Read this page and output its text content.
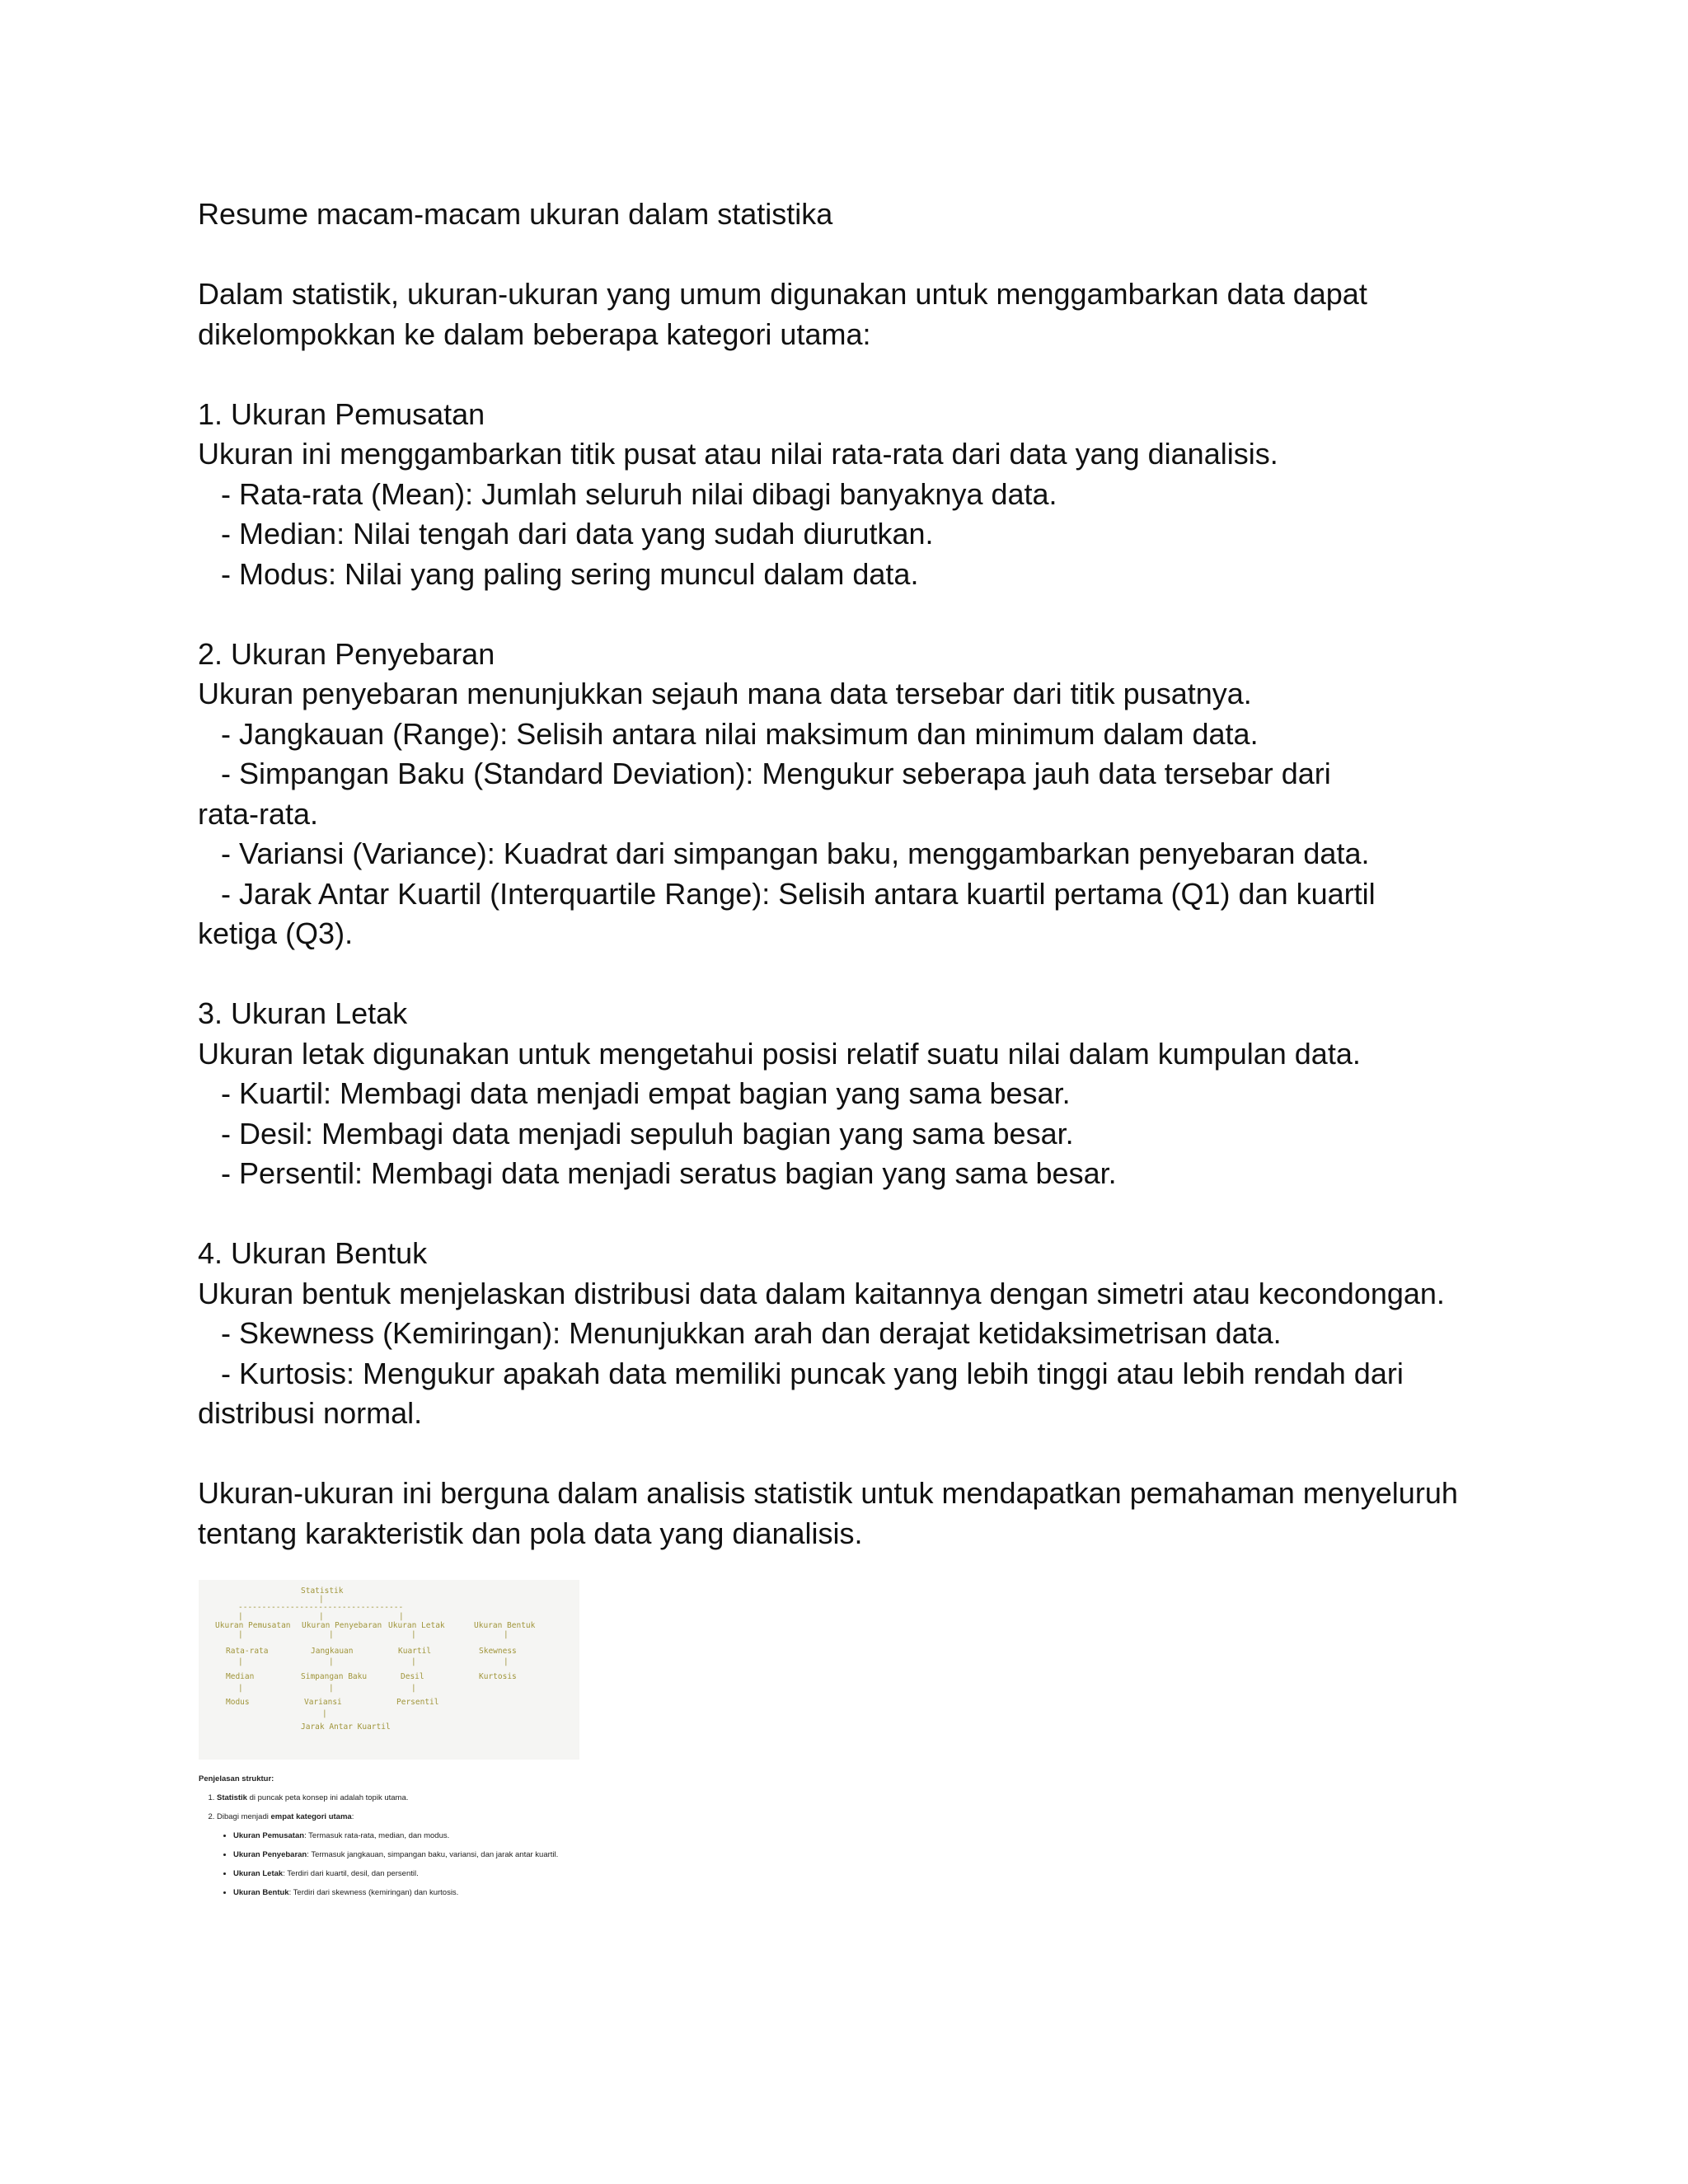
Resume macam-macam ukuran dalam statistika
Dalam statistik, ukuran-ukuran yang umum digunakan untuk menggambarkan data dapat
dikelompokkan ke dalam beberapa kategori utama:
1. Ukuran Pemusatan
Ukuran ini menggambarkan titik pusat atau nilai rata-rata dari data yang dianalisis.
- Rata-rata (Mean): Jumlah seluruh nilai dibagi banyaknya data.
- Median: Nilai tengah dari data yang sudah diurutkan.
- Modus: Nilai yang paling sering muncul dalam data.
2. Ukuran Penyebaran
Ukuran penyebaran menunjukkan sejauh mana data tersebar dari titik pusatnya.
- Jangkauan (Range): Selisih antara nilai maksimum dan minimum dalam data.
- Simpangan Baku (Standard Deviation): Mengukur seberapa jauh data tersebar dari
rata-rata.
- Variansi (Variance): Kuadrat dari simpangan baku, menggambarkan penyebaran data.
- Jarak Antar Kuartil (Interquartile Range): Selisih antara kuartil pertama (Q1) dan kuartil
ketiga (Q3).
3. Ukuran Letak
Ukuran letak digunakan untuk mengetahui posisi relatif suatu nilai dalam kumpulan data.
- Kuartil: Membagi data menjadi empat bagian yang sama besar.
- Desil: Membagi data menjadi sepuluh bagian yang sama besar.
- Persentil: Membagi data menjadi seratus bagian yang sama besar.
4. Ukuran Bentuk
Ukuran bentuk menjelaskan distribusi data dalam kaitannya dengan simetri atau kecondongan.
- Skewness (Kemiringan): Menunjukkan arah dan derajat ketidaksimetrisan data.
- Kurtosis: Mengukur apakah data memiliki puncak yang lebih tinggi atau lebih rendah dari
distribusi normal.
Ukuran-ukuran ini berguna dalam analisis statistik untuk mendapatkan pemahaman menyeluruh
tentang karakteristik dan pola data yang dianalisis.
Statistik
|
-----------------------------------
|	|	|
Ukuran Pemusatan Ukuran Penyebaran Ukuran Letak	Ukuran Bentuk
|	|	|	|
Rata-rata	Jangkauan	Kuartil	Skewness
|	|	|	|
Median	Simpangan Baku	Desil	Kurtosis
|	|	|
Modus	Variansi	Persentil
|
Jarak Antar Kuartil
Penjelasan struktur:
1. Statistik di puncak peta konsep ini adalah topik utama.
2. Dibagi menjadi empat kategori utama:
• Ukuran Pemusatan: Termasuk rata-rata, median, dan modus.
• Ukuran Penyebaran: Termasuk jangkauan, simpangan baku, variansi, dan jarak antar kuartil.
• Ukuran Letak: Terdiri dari kuartil, desil, dan persentil.
• Ukuran Bentuk: Terdiri dari skewness (kemiringan) dan kurtosis.
